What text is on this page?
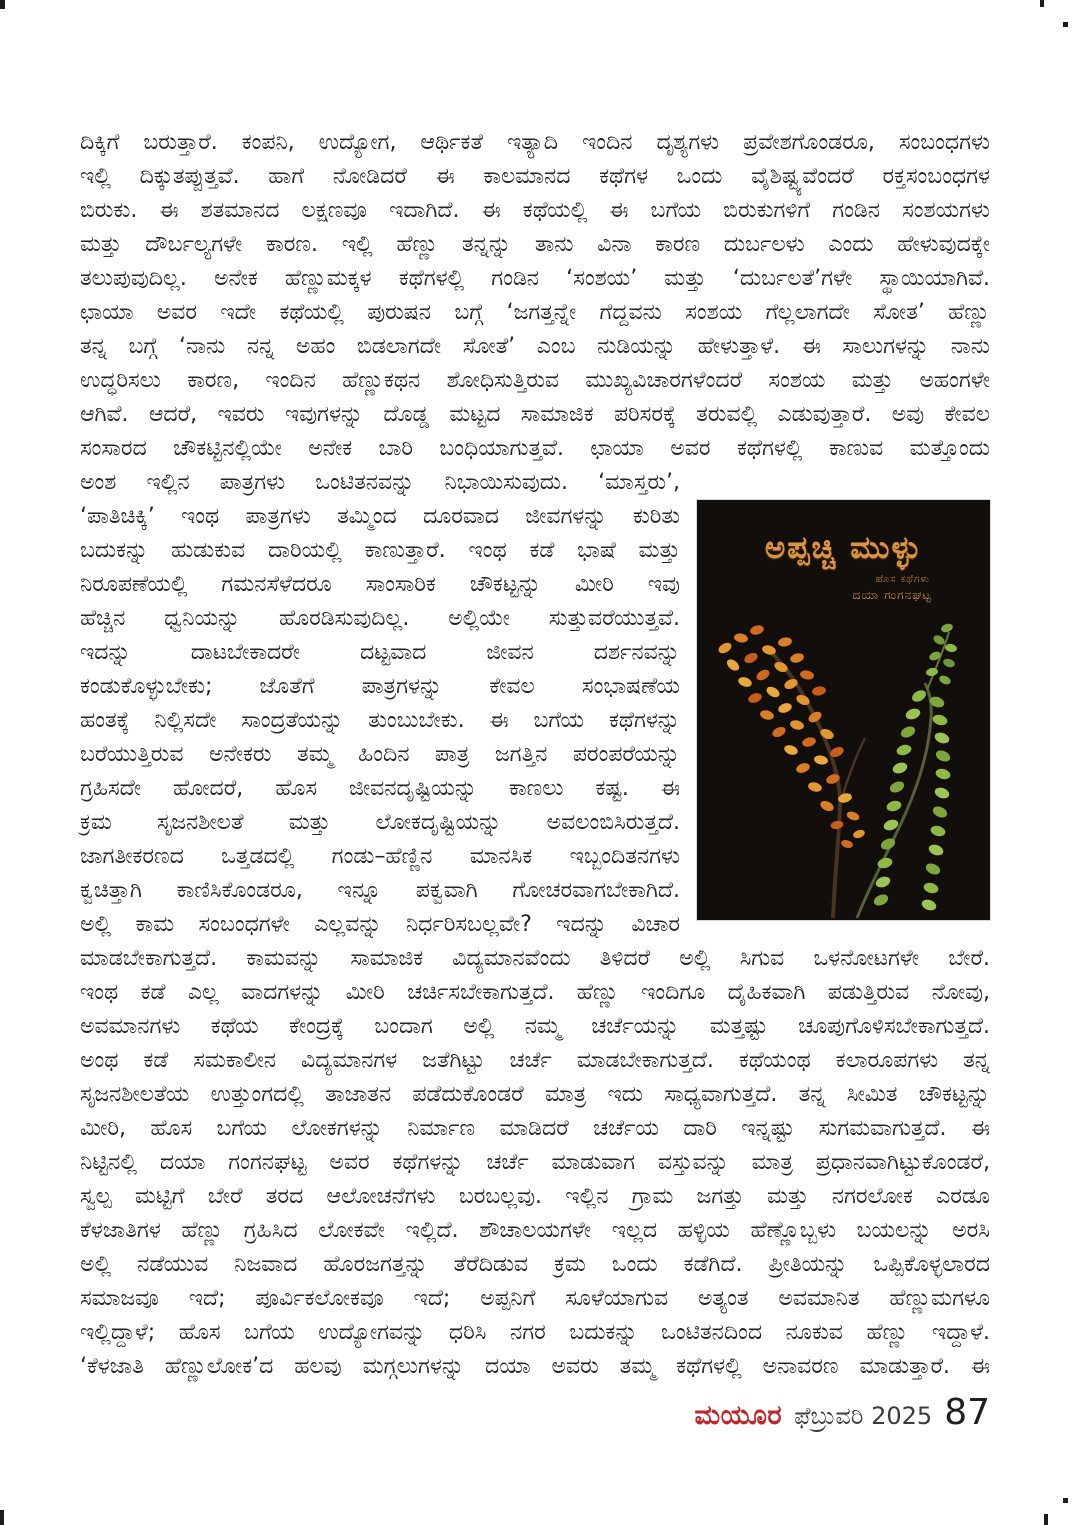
ದಿಕ್ಕಿಗೆ ಬರುತ್ತಾರೆ. ಕಂಪನಿ, ಉದ್ಯೋಗ, ಆರ್ಥಿಕತೆ ಇತ್ಯಾದಿ ಇಂದಿನ ದೃಶ್ಯಗಳು ಪ್ರವೇಶಗೊಂಡರೂ, ಸಂಬಂಧಗಳು
ಇಲ್ಲಿ ದಿಕ್ಕುತಪ್ಪುತ್ತವೆ. ಹಾಗೆ ನೋಡಿದರೆ ಈ ಕಾಲಮಾನದ ಕಥೆಗಳ ಒಂದು ವೈಶಿಷ್ಟ್ಯವೆಂದರೆ ರಕ್ತಸಂಬಂಧಗಳ
ಬಿರುಕು. ಈ ಶತಮಾನದ ಲಕ್ಷಣವೂ ಇದಾಗಿದೆ. ಈ ಕಥೆಯಲ್ಲಿ ಈ ಬಗೆಯ ಬಿರುಕುಗಳಿಗೆ ಗಂಡಿನ ಸಂಶಯಗಳು
ಮತ್ತು ದೌರ್ಬಲ್ಯಗಳೇ ಕಾರಣ. ಇಲ್ಲಿ ಹೆಣ್ಣು ತನ್ನನ್ನು ತಾನು ವಿನಾ ಕಾರಣ ದುರ್ಬಲಳು ಎಂದು ಹೇಳುವುದಕ್ಕೇ
ತಲುಪುವುದಿಲ್ಲ. ಅನೇಕ ಹೆಣ್ಣುಮಕ್ಕಳ ಕಥೆಗಳಲ್ಲಿ ಗಂಡಿನ ‘ಸಂಶಯ’ ಮತ್ತು ‘ದುರ್ಬಲತೆ’ಗಳೇ ಸ್ಥಾಯಿಯಾಗಿವೆ.
ಛಾಯಾ ಅವರ ಇದೇ ಕಥೆಯಲ್ಲಿ ಪುರುಷನ ಬಗ್ಗೆ ‘ಜಗತ್ತನ್ನೇ ಗೆದ್ದವನು ಸಂಶಯ ಗೆಲ್ಲಲಾಗದೇ ಸೋತ’ ಹೆಣ್ಣು
ತನ್ನ ಬಗ್ಗೆ ‘ನಾನು ನನ್ನ ಅಹಂ ಬಿಡಲಾಗದೇ ಸೋತೆ’ ಎಂಬ ನುಡಿಯನ್ನು ಹೇಳುತ್ತಾಳೆ. ಈ ಸಾಲುಗಳನ್ನು ನಾನು
ಉದ್ಧರಿಸಲು ಕಾರಣ, ಇಂದಿನ ಹೆಣ್ಣುಕಥನ ಶೋಧಿಸುತ್ತಿರುವ ಮುಖ್ಯವಿಚಾರಗಳೆಂದರೆ ಸಂಶಯ ಮತ್ತು ಅಹಂಗಳೇ
ಆಗಿವೆ. ಆದರೆ, ಇವರು ಇವುಗಳನ್ನು ದೊಡ್ಡ ಮಟ್ಟದ ಸಾಮಾಜಿಕ ಪರಿಸರಕ್ಕೆ ತರುವಲ್ಲಿ ಎಡುವುತ್ತಾರೆ. ಅವು ಕೇವಲ
ಸಂಸಾರದ ಚೌಕಟ್ಟಿನಲ್ಲಿಯೇ ಅನೇಕ ಬಾರಿ ಬಂಧಿಯಾಗುತ್ತವೆ. ಛಾಯಾ ಅವರ ಕಥೆಗಳಲ್ಲಿ ಕಾಣುವ ಮತ್ತೊಂದು
ಅಂಶ ಇಲ್ಲಿನ ಪಾತ್ರಗಳು ಒಂಟಿತನವನ್ನು ನಿಭಾಯಿಸುವುದು. ‘ಮಾಸ್ತರು’,
‘ಪಾತಿಚಿಕ್ಕಿ’ ಇಂಥ ಪಾತ್ರಗಳು ತಮ್ಮಿಂದ ದೂರವಾದ ಜೀವಗಳನ್ನು ಕುರಿತು
ಬದುಕನ್ನು ಹುಡುಕುವ ದಾರಿಯಲ್ಲಿ ಕಾಣುತ್ತಾರೆ. ಇಂಥ ಕಡೆ ಭಾಷೆ ಮತ್ತು
ನಿರೂಪಣೆಯಲ್ಲಿ ಗಮನಸೆಳೆದರೂ ಸಾಂಸಾರಿಕ ಚೌಕಟ್ಟನ್ನು ಮೀರಿ ಇವು
ಹೆಚ್ಚಿನ ಧ್ವನಿಯನ್ನು ಹೊರಡಿಸುವುದಿಲ್ಲ. ಅಲ್ಲಿಯೇ ಸುತ್ತುವರೆಯುತ್ತವೆ.
ಇದನ್ನು ದಾಟಬೇಕಾದರೇ ದಟ್ಟವಾದ ಜೀವನ ದರ್ಶನವನ್ನು
ಕಂಡುಕೊಳ್ಳುಬೇಕು; ಜೊತೆಗೆ ಪಾತ್ರಗಳನ್ನು ಕೇವಲ ಸಂಭಾಷಣೆಯ
ಹಂತಕ್ಕೆ ನಿಲ್ಲಿಸದೇ ಸಾಂದ್ರತೆಯನ್ನು ತುಂಬುಬೇಕು. ಈ ಬಗೆಯ ಕಥೆಗಳನ್ನು
ಬರೆಯುತ್ತಿರುವ ಅನೇಕರು ತಮ್ಮ ಹಿಂದಿನ ಪಾತ್ರ ಜಗತ್ತಿನ ಪರಂಪರೆಯನ್ನು
ಗ್ರಹಿಸದೇ ಹೋದರೆ, ಹೊಸ ಜೀವನದೃಷ್ಟಿಯನ್ನು ಕಾಣಲು ಕಷ್ಟ. ಈ
ಕ್ರಮ ಸೃಜನಶೀಲತೆ ಮತ್ತು ಲೋಕದೃಷ್ಟಿಯನ್ನು ಅವಲಂಬಿಸಿರುತ್ತದೆ.
ಜಾಗತೀಕರಣದ ಒತ್ತಡದಲ್ಲಿ ಗಂಡು–ಹೆಣ್ಣಿನ ಮಾನಸಿಕ ಇಬ್ಬಂದಿತನಗಳು
ಕ್ವಚಿತ್ತಾಗಿ ಕಾಣಿಸಿಕೊಂಡರೂ, ಇನ್ನೂ ಪಕ್ವವಾಗಿ ಗೋಚರವಾಗಬೇಕಾಗಿದೆ.
ಅಲ್ಲಿ ಕಾಮ ಸಂಬಂಧಗಳೇ ಎಲ್ಲವನ್ನು ನಿರ್ಧರಿಸಬಲ್ಲವೇ? ಇದನ್ನು ವಿಚಾರ
ಮಾಡಬೇಕಾಗುತ್ತದೆ. ಕಾಮವನ್ನು ಸಾಮಾಜಿಕ ವಿದ್ಯಮಾನವೆಂದು ತಿಳಿದರೆ ಅಲ್ಲಿ ಸಿಗುವ ಒಳನೋಟಗಳೇ ಬೇರೆ.
ಇಂಥ ಕಡೆ ಎಲ್ಲ ವಾದಗಳನ್ನು ಮೀರಿ ಚರ್ಚಿಸಬೇಕಾಗುತ್ತದೆ. ಹೆಣ್ಣು ಇಂದಿಗೂ ದೈಹಿಕವಾಗಿ ಪಡುತ್ತಿರುವ ನೋವು,
ಅವಮಾನಗಳು ಕಥೆಯ ಕೇಂದ್ರಕ್ಕೆ ಬಂದಾಗ ಅಲ್ಲಿ ನಮ್ಮ ಚರ್ಚೆಯನ್ನು ಮತ್ತಷ್ಟು ಚೂಪುಗೊಳಿಸಬೇಕಾಗುತ್ತದೆ.
ಅಂಥ ಕಡೆ ಸಮಕಾಲೀನ ವಿದ್ಯಮಾನಗಳ ಜತೆಗಿಟ್ಟು ಚರ್ಚೆ ಮಾಡಬೇಕಾಗುತ್ತದೆ. ಕಥೆಯಂಥ ಕಲಾರೂಪಗಳು ತನ್ನ
ಸೃಜನಶೀಲತೆಯ ಉತ್ತುಂಗದಲ್ಲಿ ತಾಜಾತನ ಪಡೆದುಕೊಂಡರೆ ಮಾತ್ರ ಇದು ಸಾಧ್ಯವಾಗುತ್ತದೆ. ತನ್ನ ಸೀಮಿತ ಚೌಕಟ್ಟನ್ನು
ಮೀರಿ, ಹೊಸ ಬಗೆಯ ಲೋಕಗಳನ್ನು ನಿರ್ಮಾಣ ಮಾಡಿದರೆ ಚರ್ಚೆಯ ದಾರಿ ಇನ್ನಷ್ಟು ಸುಗಮವಾಗುತ್ತದೆ. ಈ
ನಿಟ್ಟಿನಲ್ಲಿ ದಯಾ ಗಂಗನಘಟ್ಟ ಅವರ ಕಥೆಗಳನ್ನು ಚರ್ಚೆ ಮಾಡುವಾಗ ವಸ್ತುವನ್ನು ಮಾತ್ರ ಪ್ರಧಾನವಾಗಿಟ್ಟುಕೊಂಡರೆ,
ಸ್ವಲ್ಪ ಮಟ್ಟಿಗೆ ಬೇರೆ ತರದ ಆಲೋಚನೆಗಳು ಬರಬಲ್ಲವು. ಇಲ್ಲಿನ ಗ್ರಾಮ ಜಗತ್ತು ಮತ್ತು ನಗರಲೋಕ ಎರಡೂ
ಕೆಳಜಾತಿಗಳ ಹೆಣ್ಣು ಗ್ರಹಿಸಿದ ಲೋಕವೇ ಇಲ್ಲಿದೆ. ಶೌಚಾಲಯಗಳೇ ಇಲ್ಲದ ಹಳ್ಳಿಯ ಹೆಣ್ಣೊಬ್ಬಳು ಬಯಲನ್ನು ಅರಸಿ
ಅಲ್ಲಿ ನಡೆಯುವ ನಿಜವಾದ ಹೊರಜಗತ್ತನ್ನು ತೆರೆದಿಡುವ ಕ್ರಮ ಒಂದು ಕಡೆಗಿದೆ. ಪ್ರೀತಿಯನ್ನು ಒಪ್ಪಿಕೊಳ್ಳಲಾರದ
ಸಮಾಜವೂ ಇದೆ; ಪೂರ್ವಿಕಲೋಕವೂ ಇದೆ; ಅಪ್ಪನಿಗೆ ಸೂಳೆಯಾಗುವ ಅತ್ಯಂತ ಅವಮಾನಿತ ಹೆಣ್ಣುಮಗಳೂ
ಇಲ್ಲಿದ್ದಾಳೆ; ಹೊಸ ಬಗೆಯ ಉದ್ಯೋಗವನ್ನು ಧರಿಸಿ ನಗರ ಬದುಕನ್ನು ಒಂಟಿತನದಿಂದ ನೂಕುವ ಹೆಣ್ಣು ಇದ್ದಾಳೆ.
‘ಕೆಳಜಾತಿ ಹೆಣ್ಣುಲೋಕ’ದ ಹಲವು ಮಗ್ಗಲುಗಳನ್ನು ದಯಾ ಅವರು ತಮ್ಮ ಕಥೆಗಳಲ್ಲಿ ಅನಾವರಣ ಮಾಡುತ್ತಾರೆ. ಈ
ಅಪ್ಪಚ್ಚಿ ಮುಳ್ಳು
ಹೊಸ ಕಥೆಗಳು
ದಯಾ ಗಂಗನಘಟ್ಟ
ಮಯೂರ ಫೆಬ್ರುವರಿ 2025 87
